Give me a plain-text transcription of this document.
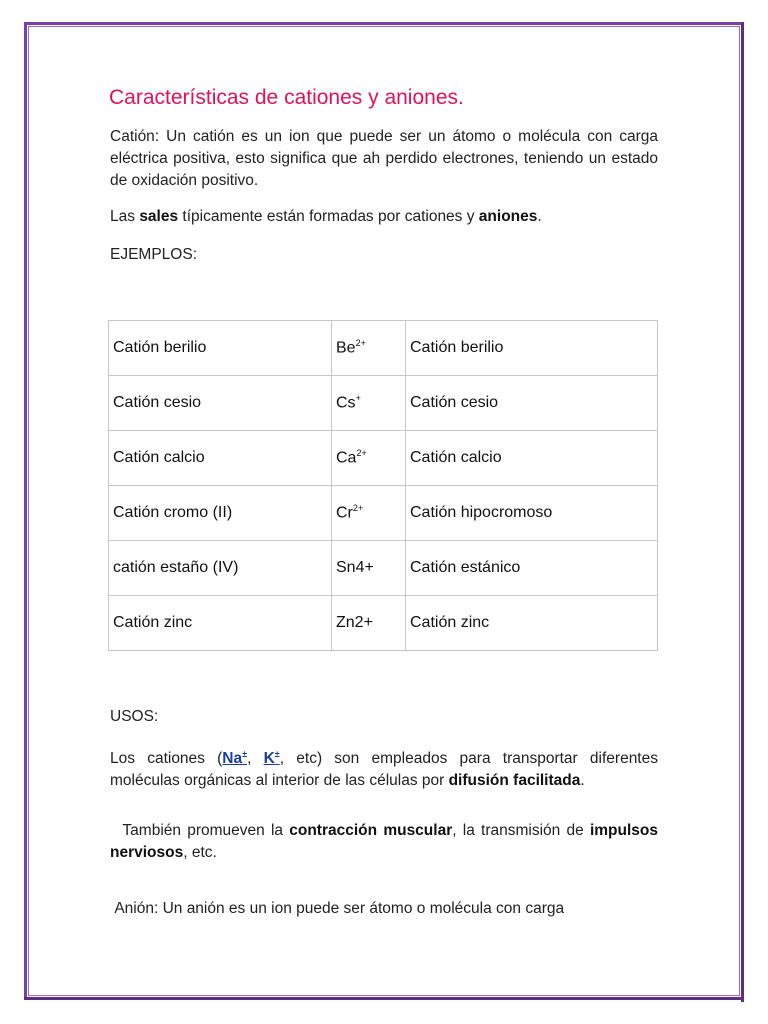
Características de cationes y aniones.

Catión: Un catión es un ion que puede ser un átomo o molécula con carga eléctrica positiva, esto significa que ah perdido electrones, teniendo un estado de oxidación positivo.

Las sales típicamente están formadas por cationes y aniones.

EJEMPLOS:

Catión berilio	$Be^{2+}$	Catión berilio
Catión cesio	Cs+	Catión cesio
Catión calcio	$Ca^{2+}$	Catión calcio
Catión cromo (II)	$Cr^{2+}$	Catión hipocromoso
catión estaño (IV)	Sn4+	Catión estánico
Catión zinc	Zn2+	Catión zinc

USOS:

Los cationes (Na±, K±, etc) son empleados para transportar diferentes moléculas orgánicas al interior de las células por difusión facilitada.

También promueven la contracción muscular, la transmisión de impulsos nerviosos, etc.

Anión: Un anión es un ion puede ser átomo o molécula con carga
